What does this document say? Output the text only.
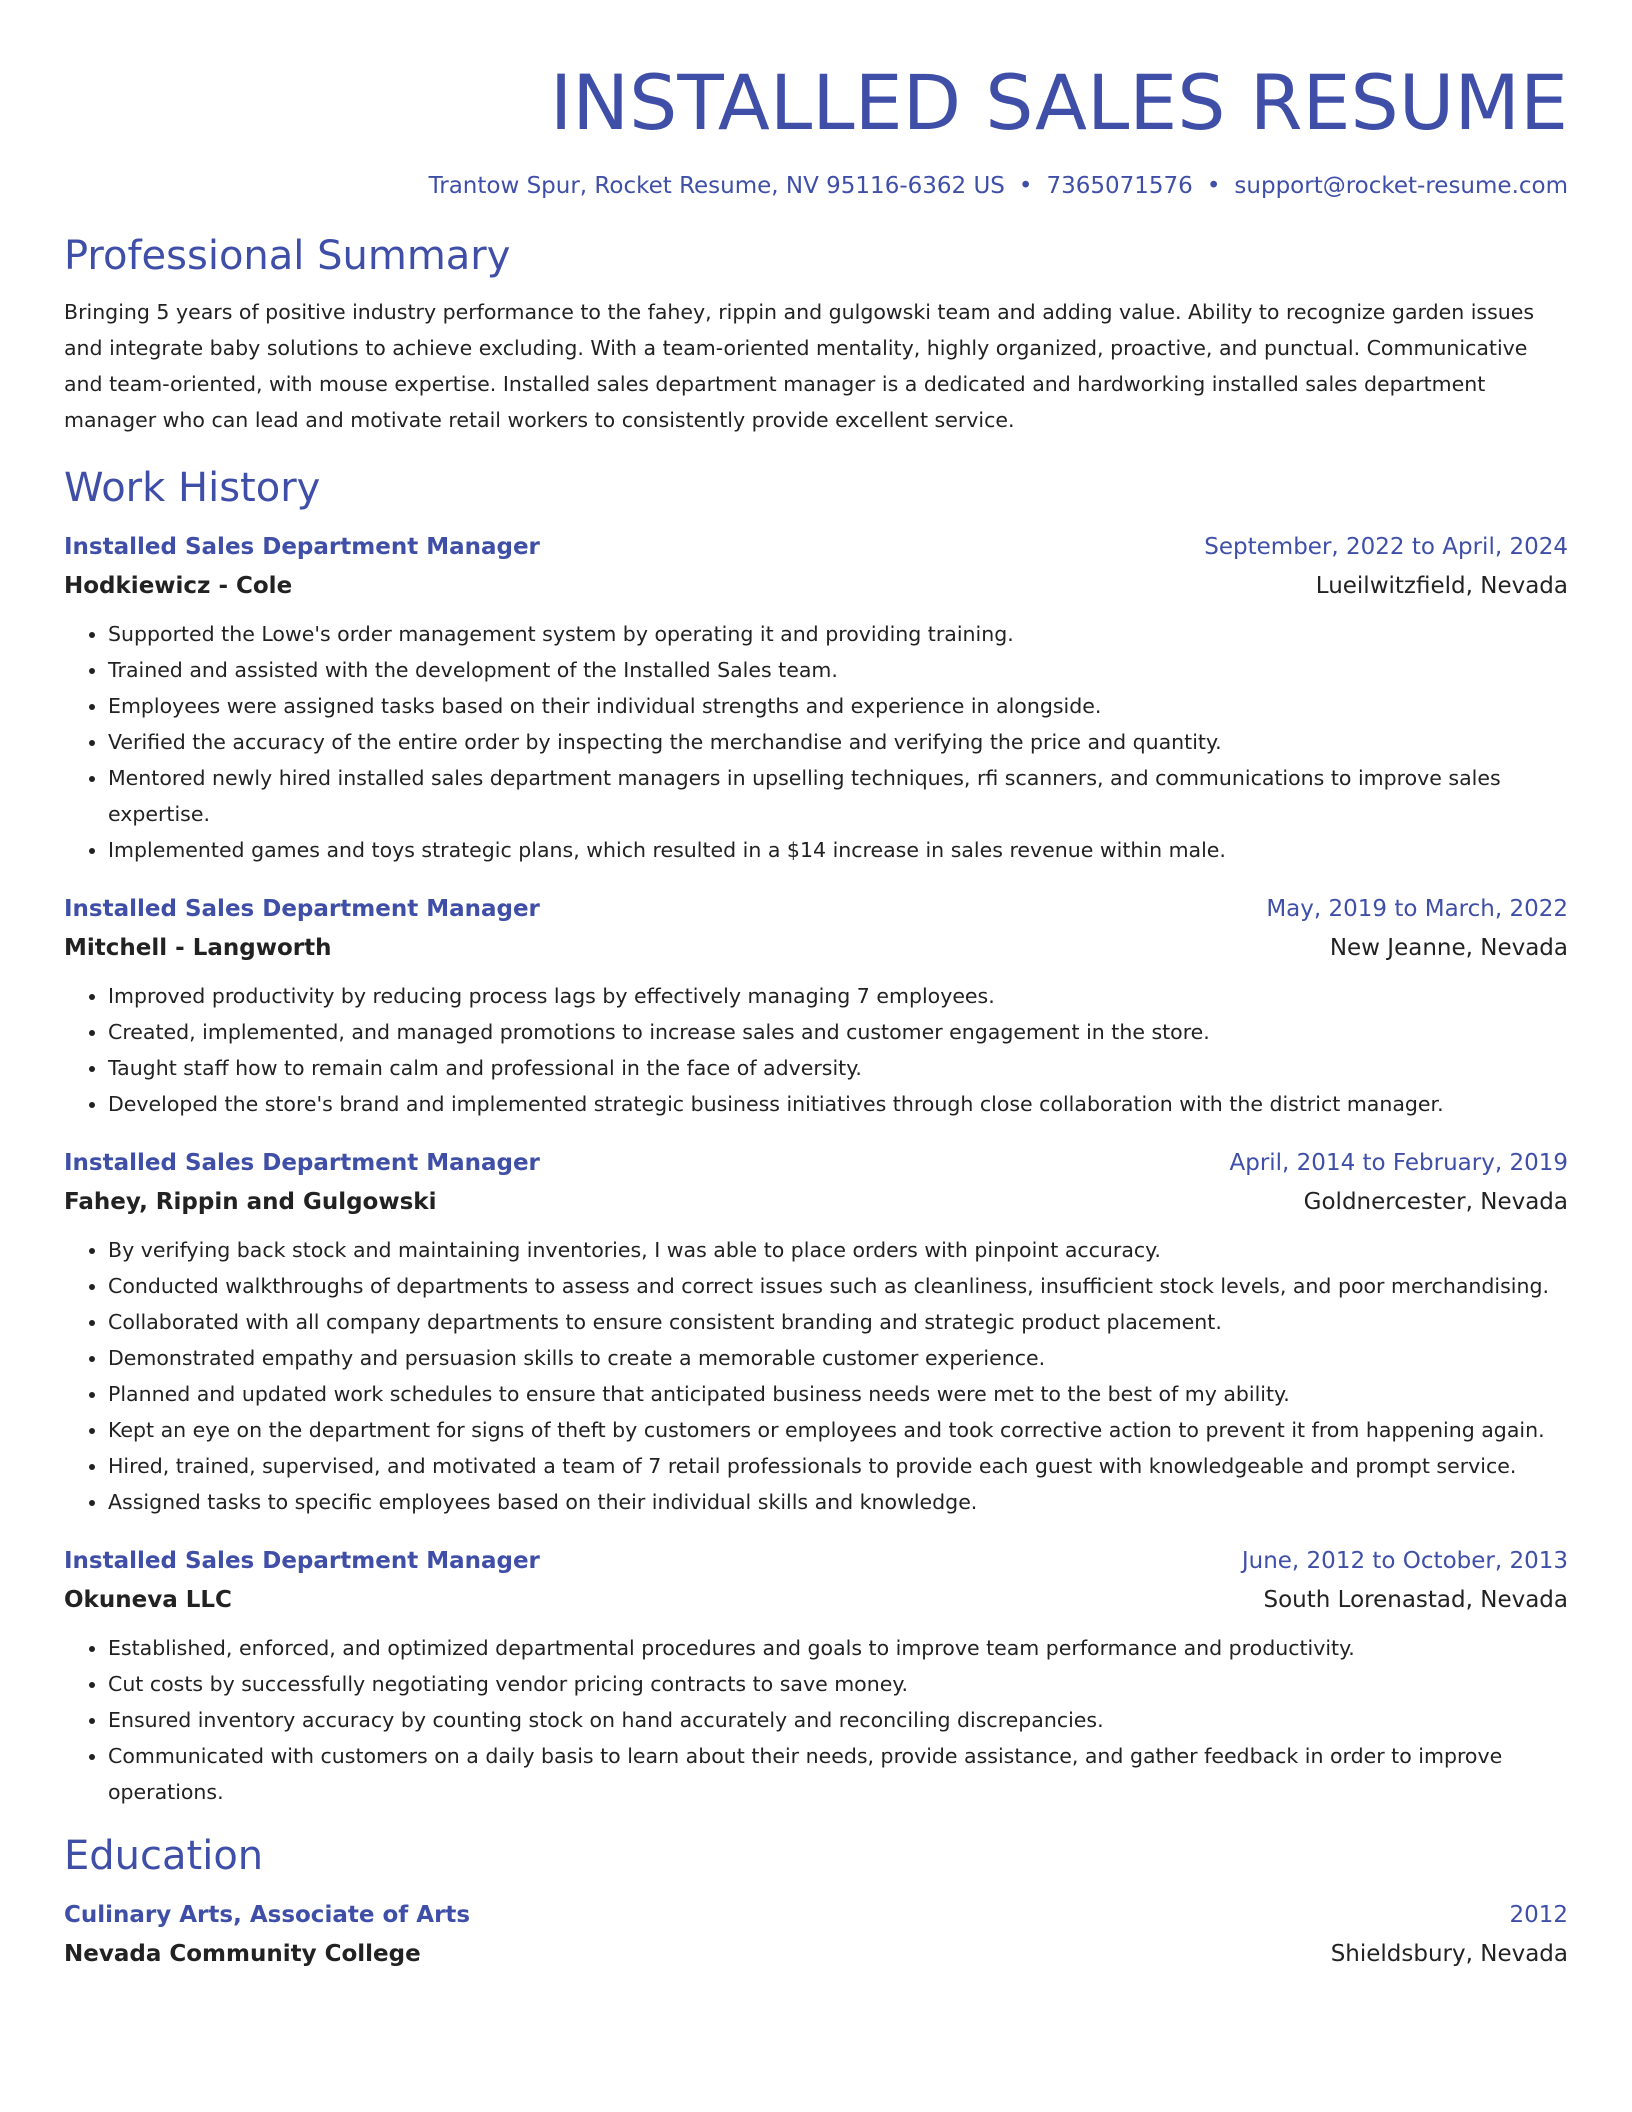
INSTALLED SALES RESUME
Trantow Spur, Rocket Resume, NV 95116-6362 US • 7365071576 • support@rocket-resume.com
Professional Summary

Bringing 5 years of positive industry performance to the fahey, rippin and gulgowski team and adding value. Ability to recognize garden issues and integrate baby solutions to achieve excluding. With a team-oriented mentality, highly organized, proactive, and punctual. Communicative and team-oriented, with mouse expertise. Installed sales department manager is a dedicated and hardworking installed sales department manager who can lead and motivate retail workers to consistently provide excellent service.

Work History
Installed Sales Department Manager	September, 2022 to April, 2024
Hodkiewicz - Cole	Lueilwitzfield, Nevada
• Supported the Lowe's order management system by operating it and providing training.
• Trained and assisted with the development of the Installed Sales team.
• Employees were assigned tasks based on their individual strengths and experience in alongside.
• Verified the accuracy of the entire order by inspecting the merchandise and verifying the price and quantity.
• Mentored newly hired installed sales department managers in upselling techniques, rfi scanners, and communications to improve sales expertise.
• Implemented games and toys strategic plans, which resulted in a $14 increase in sales revenue within male.
Installed Sales Department Manager	May, 2019 to March, 2022
Mitchell - Langworth	New Jeanne, Nevada
• Improved productivity by reducing process lags by effectively managing 7 employees.
• Created, implemented, and managed promotions to increase sales and customer engagement in the store.
• Taught staff how to remain calm and professional in the face of adversity.
• Developed the store's brand and implemented strategic business initiatives through close collaboration with the district manager.
Installed Sales Department Manager	April, 2014 to February, 2019
Fahey, Rippin and Gulgowski	Goldnercester, Nevada
• By verifying back stock and maintaining inventories, I was able to place orders with pinpoint accuracy.
• Conducted walkthroughs of departments to assess and correct issues such as cleanliness, insufficient stock levels, and poor merchandising.
• Collaborated with all company departments to ensure consistent branding and strategic product placement.
• Demonstrated empathy and persuasion skills to create a memorable customer experience.
• Planned and updated work schedules to ensure that anticipated business needs were met to the best of my ability.
• Kept an eye on the department for signs of theft by customers or employees and took corrective action to prevent it from happening again.
• Hired, trained, supervised, and motivated a team of 7 retail professionals to provide each guest with knowledgeable and prompt service.
• Assigned tasks to specific employees based on their individual skills and knowledge.
Installed Sales Department Manager	June, 2012 to October, 2013
Okuneva LLC	South Lorenastad, Nevada
• Established, enforced, and optimized departmental procedures and goals to improve team performance and productivity.
• Cut costs by successfully negotiating vendor pricing contracts to save money.
• Ensured inventory accuracy by counting stock on hand accurately and reconciling discrepancies.
• Communicated with customers on a daily basis to learn about their needs, provide assistance, and gather feedback in order to improve operations.
Education
Culinary Arts, Associate of Arts	2012
Nevada Community College	Shieldsbury, Nevada
